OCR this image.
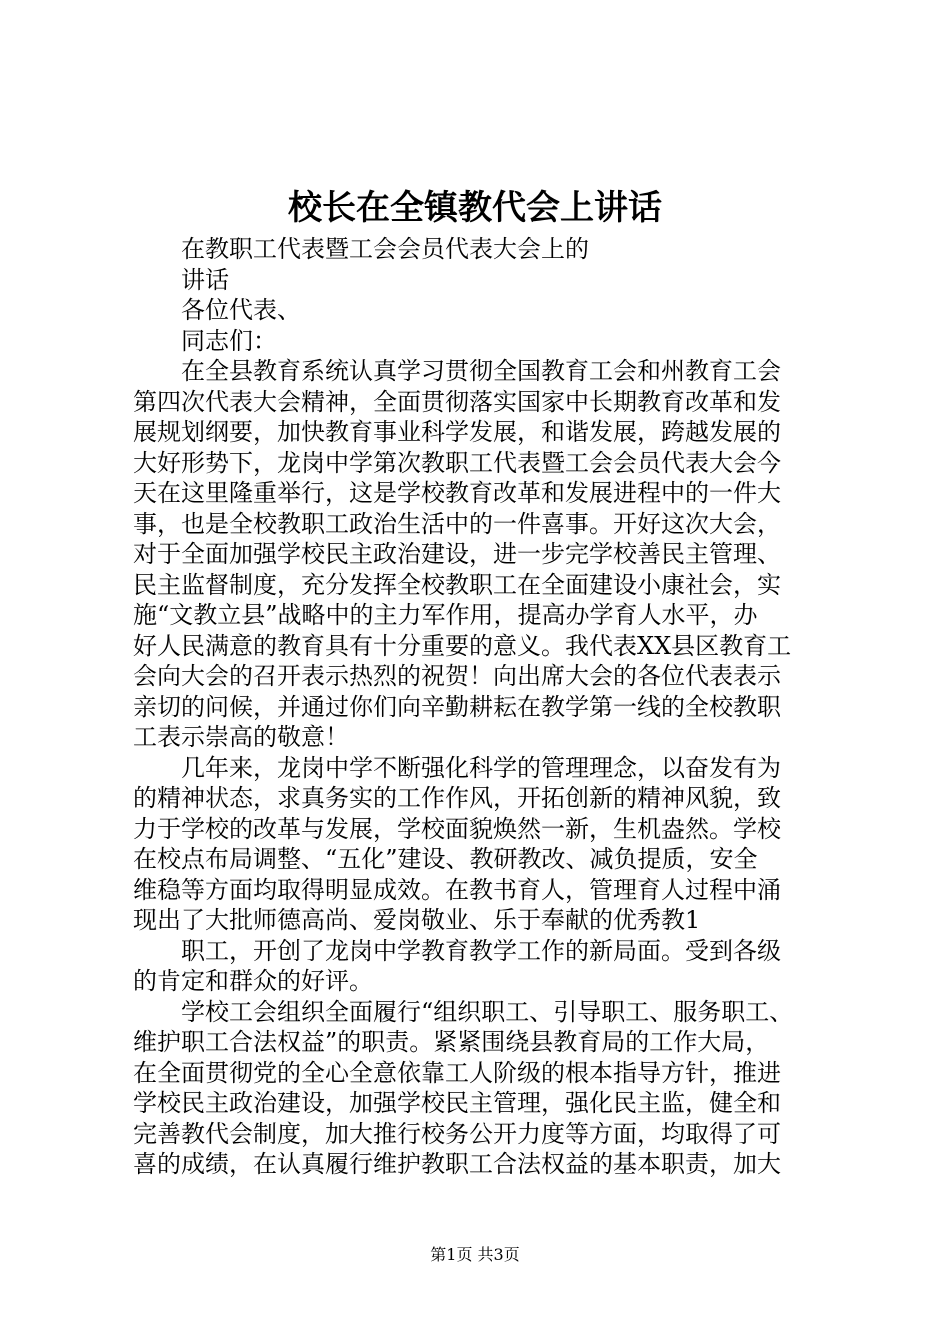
校长在全镇教代会上讲话

在教职工代表暨工会会员代表大会上的

讲话

各位代表、

同志们：

在全县教育系统认真学习贯彻全国教育工会和州教育工会

第四次代表大会精神，全面贯彻落实国家中长期教育改革和发

展规划纲要，加快教育事业科学发展，和谐发展，跨越发展的

大好形势下，龙岗中学第次教职工代表暨工会会员代表大会今

天在这里隆重举行，这是学校教育改革和发展进程中的一件大

事，也是全校教职工政治生活中的一件喜事。开好这次大会，

对于全面加强学校民主政治建设，进一步完学校善民主管理、

民主监督制度，充分发挥全校教职工在全面建设小康社会，实

施“文教立县”战略中的主力军作用，提高办学育人水平，办

好人民满意的教育具有十分重要的意义。我代表XX县区教育工

会向大会的召开表示热烈的祝贺！向出席大会的各位代表表示

亲切的问候，并通过你们向辛勤耕耘在教学第一线的全校教职

工表示崇高的敬意！

几年来，龙岗中学不断强化科学的管理理念，以奋发有为

的精神状态，求真务实的工作作风，开拓创新的精神风貌，致

力于学校的改革与发展，学校面貌焕然一新，生机盎然。学校

在校点布局调整、“五化”建设、教研教改、减负提质，安全

维稳等方面均取得明显成效。在教书育人，管理育人过程中涌

现出了大批师德高尚、爱岗敬业、乐于奉献的优秀教1

职工，开创了龙岗中学教育教学工作的新局面。受到各级

的肯定和群众的好评。

学校工会组织全面履行“组织职工、引导职工、服务职工、

维护职工合法权益”的职责。紧紧围绕县教育局的工作大局，

在全面贯彻党的全心全意依靠工人阶级的根本指导方针，推进

学校民主政治建设，加强学校民主管理，强化民主监，健全和

完善教代会制度，加大推行校务公开力度等方面，均取得了可

喜的成绩，在认真履行维护教职工合法权益的基本职责，加大

第1页 共3页
